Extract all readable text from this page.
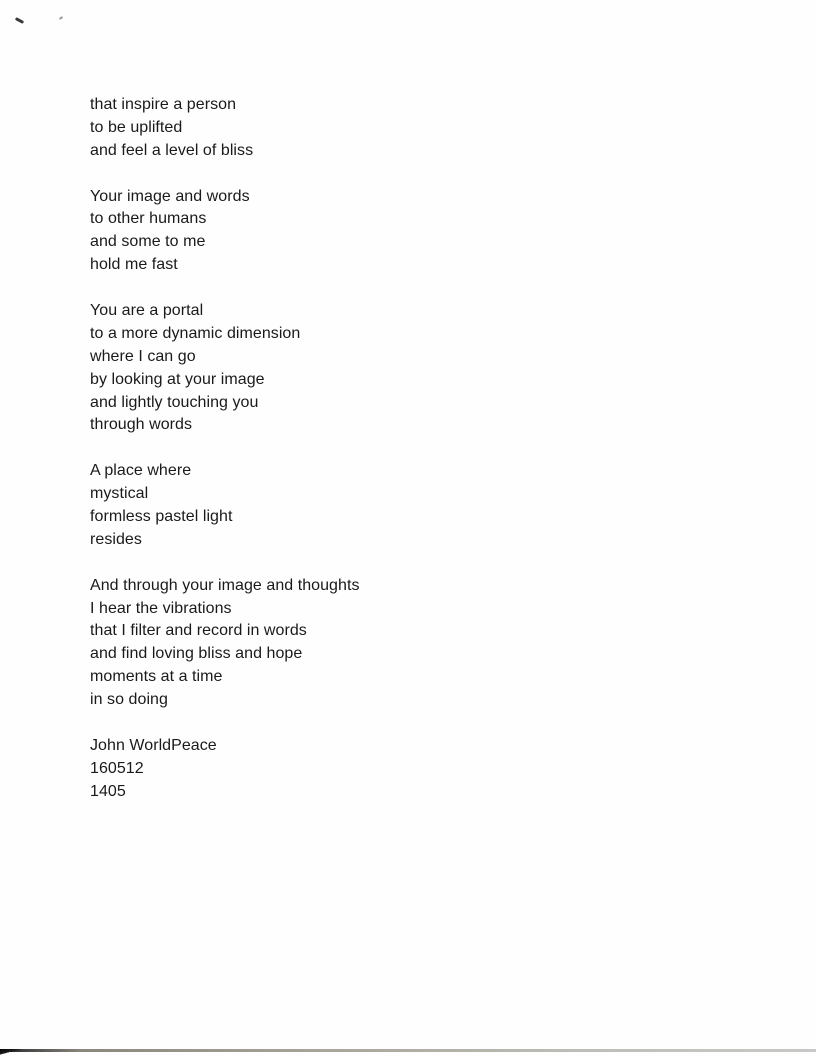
that inspire a person
to be uplifted
and feel a level of bliss
Your image and words
to other humans
and some to me
hold me fast
You are a portal
to a more dynamic dimension
where I can go
by looking at your image
and lightly touching you
through words
A place where
mystical
formless pastel light
resides
And through your image and thoughts
I hear the vibrations
that I filter and record in words
and find loving bliss and hope
moments at a time
in so doing
John WorldPeace
160512
1405
